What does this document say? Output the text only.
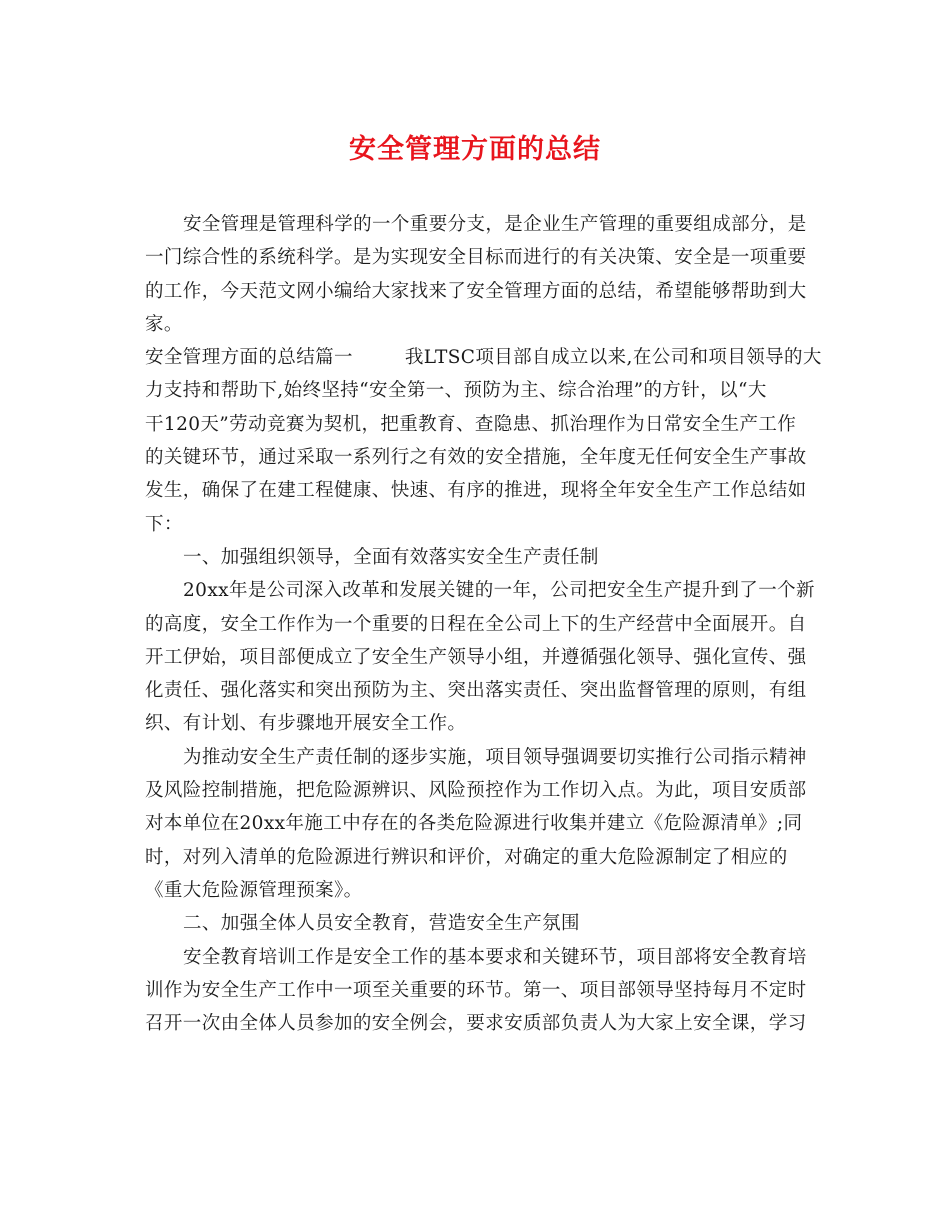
安全管理方面的总结
安全管理是管理科学的一个重要分支，是企业生产管理的重要组成部分，是
一门综合性的系统科学。是为实现安全目标而进行的有关决策、安全是一项重要
的工作，今天范文网小编给大家找来了安全管理方面的总结，希望能够帮助到大
家。
安全管理方面的总结篇一	我LTSC项目部自成立以来,在公司和项目领导的大
力支持和帮助下,始终坚持“安全第一、预防为主、综合治理”的方针，以“大
干120天”劳动竞赛为契机，把重教育、查隐患、抓治理作为日常安全生产工作
的关键环节，通过采取一系列行之有效的安全措施，全年度无任何安全生产事故
发生，确保了在建工程健康、快速、有序的推进，现将全年安全生产工作总结如
下：
一、加强组织领导，全面有效落实安全生产责任制
20xx年是公司深入改革和发展关键的一年，公司把安全生产提升到了一个新
的高度，安全工作作为一个重要的日程在全公司上下的生产经营中全面展开。自
开工伊始，项目部便成立了安全生产领导小组，并遵循强化领导、强化宣传、强
化责任、强化落实和突出预防为主、突出落实责任、突出监督管理的原则，有组
织、有计划、有步骤地开展安全工作。
为推动安全生产责任制的逐步实施，项目领导强调要切实推行公司指示精神
及风险控制措施，把危险源辨识、风险预控作为工作切入点。为此，项目安质部
对本单位在20xx年施工中存在的各类危险源进行收集并建立《危险源清单》;同
时，对列入清单的危险源进行辨识和评价，对确定的重大危险源制定了相应的
《重大危险源管理预案》。
二、加强全体人员安全教育，营造安全生产氛围
安全教育培训工作是安全工作的基本要求和关键环节，项目部将安全教育培
训作为安全生产工作中一项至关重要的环节。第一、项目部领导坚持每月不定时
召开一次由全体人员参加的安全例会，要求安质部负责人为大家上安全课，学习
